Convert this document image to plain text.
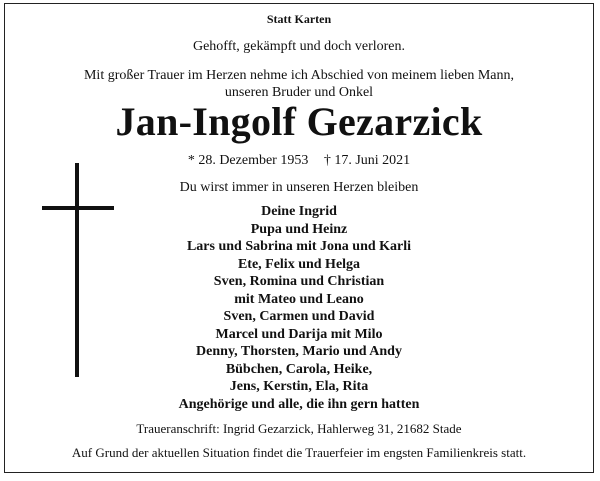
Statt Karten
Gehofft, gekämpft und doch verloren.
Mit großer Trauer im Herzen nehme ich Abschied von meinem lieben Mann,
unseren Bruder und Onkel
Jan-Ingolf Gezarzick
* 28. Dezember 1953 † 17. Juni 2021
Du wirst immer in unseren Herzen bleiben
Deine Ingrid
Pupa und Heinz
Lars und Sabrina mit Jona und Karli
Ete, Felix und Helga
Sven, Romina und Christian
mit Mateo und Leano
Sven, Carmen und David
Marcel und Darija mit Milo
Denny, Thorsten, Mario und Andy
Bübchen, Carola, Heike,
Jens, Kerstin, Ela, Rita
Angehörige und alle, die ihn gern hatten
Traueranschrift: Ingrid Gezarzick, Hahlerweg 31, 21682 Stade
Auf Grund der aktuellen Situation findet die Trauerfeier im engsten Familienkreis statt.
